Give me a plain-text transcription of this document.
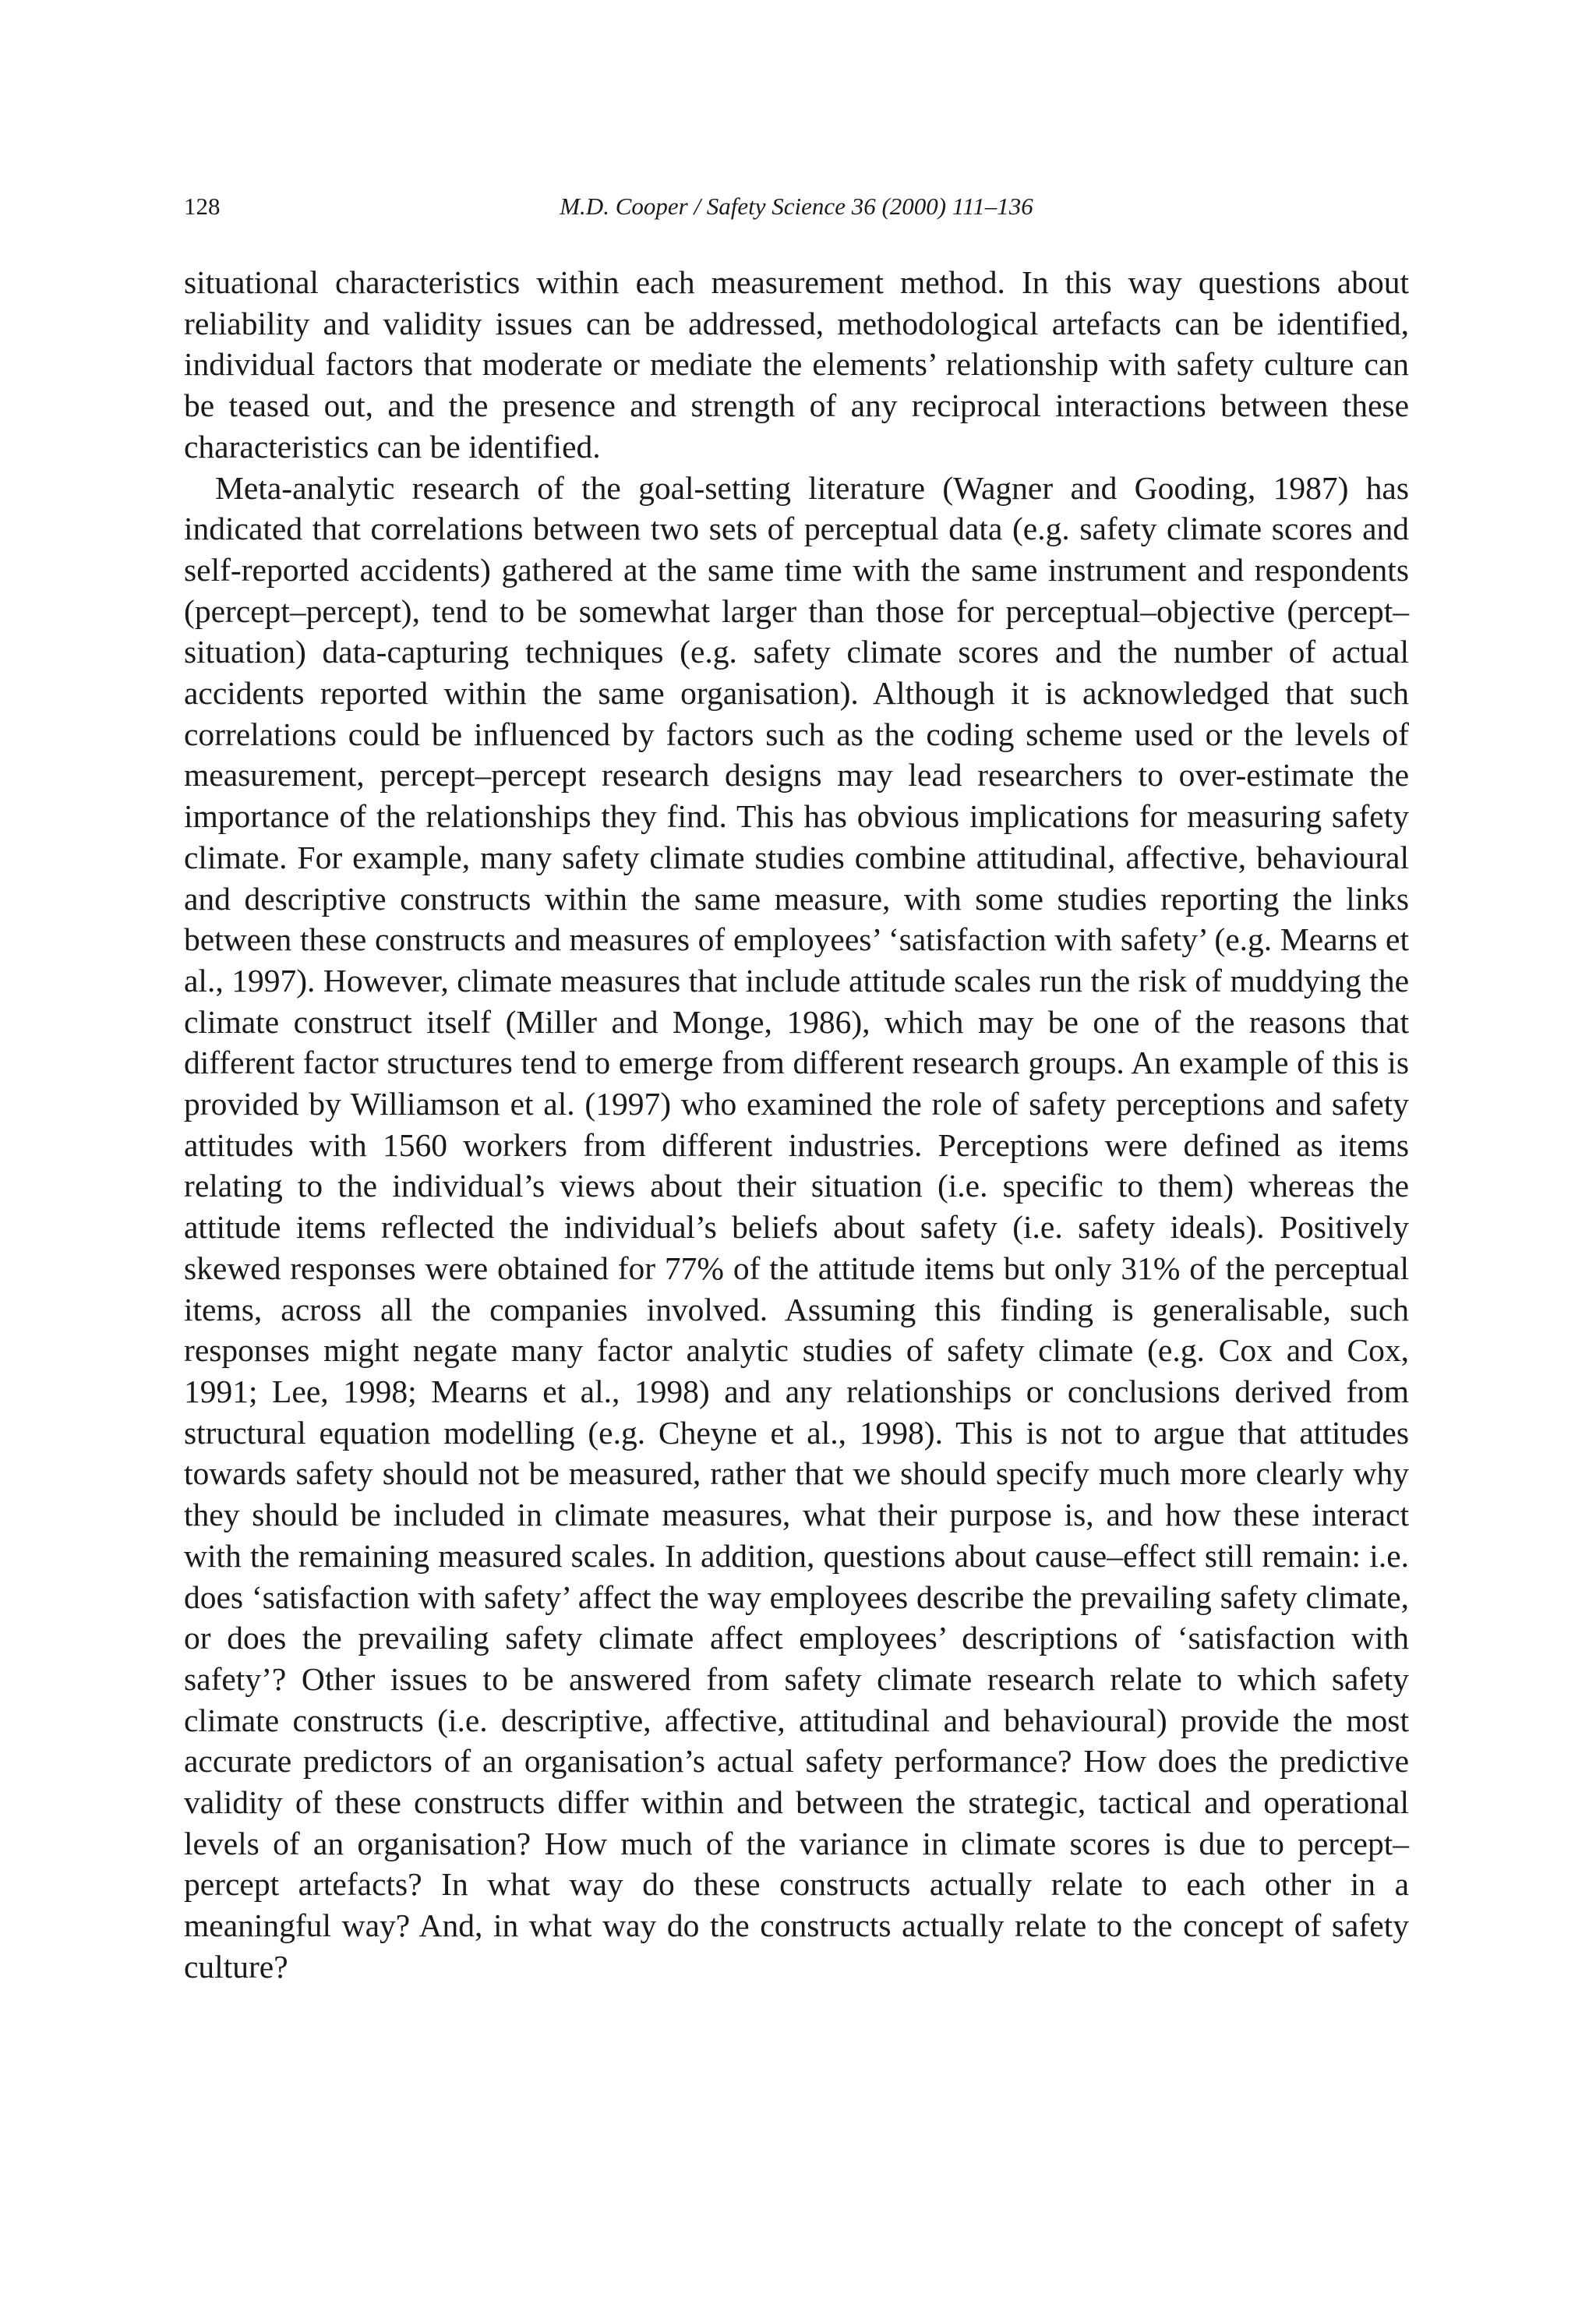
128	M.D. Cooper / Safety Science 36 (2000) 111–136

situational characteristics within each measurement method. In this way questions about reliability and validity issues can be addressed, methodological artefacts can be identified, individual factors that moderate or mediate the elements’ relationship with safety culture can be teased out, and the presence and strength of any reciprocal interactions between these characteristics can be identified.

Meta-analytic research of the goal-setting literature (Wagner and Gooding, 1987) has indicated that correlations between two sets of perceptual data (e.g. safety climate scores and self-reported accidents) gathered at the same time with the same instrument and respondents (percept–percept), tend to be somewhat larger than those for perceptual–objective (percept–situation) data-capturing techniques (e.g. safety climate scores and the number of actual accidents reported within the same organisation). Although it is acknowledged that such correlations could be influenced by factors such as the coding scheme used or the levels of measurement, percept–percept research designs may lead researchers to over-estimate the importance of the relationships they find. This has obvious implications for measuring safety climate. For example, many safety climate studies combine attitudinal, affective, behavioural and descriptive constructs within the same measure, with some studies reporting the links between these constructs and measures of employees’ ‘satisfaction with safety’ (e.g. Mearns et al., 1997). However, climate measures that include attitude scales run the risk of muddying the climate construct itself (Miller and Monge, 1986), which may be one of the reasons that different factor structures tend to emerge from different research groups. An example of this is provided by Williamson et al. (1997) who examined the role of safety perceptions and safety attitudes with 1560 workers from different industries. Perceptions were defined as items relating to the individual’s views about their situation (i.e. specific to them) whereas the attitude items reflected the individual’s beliefs about safety (i.e. safety ideals). Positively skewed responses were obtained for 77% of the attitude items but only 31% of the perceptual items, across all the companies involved. Assuming this finding is generalisable, such responses might negate many factor analytic studies of safety climate (e.g. Cox and Cox, 1991; Lee, 1998; Mearns et al., 1998) and any relationships or conclusions derived from structural equation modelling (e.g. Cheyne et al., 1998). This is not to argue that attitudes towards safety should not be measured, rather that we should specify much more clearly why they should be included in climate measures, what their purpose is, and how these interact with the remaining measured scales. In addition, questions about cause–effect still remain: i.e. does ‘satisfaction with safety’ affect the way employees describe the prevailing safety climate, or does the prevailing safety climate affect employees’ descriptions of ‘satisfaction with safety’? Other issues to be answered from safety climate research relate to which safety climate constructs (i.e. descriptive, affective, attitudinal and behavioural) provide the most accurate predictors of an organisation’s actual safety performance? How does the predictive validity of these constructs differ within and between the strategic, tactical and operational levels of an organisation? How much of the variance in climate scores is due to percept–percept artefacts? In what way do these constructs actually relate to each other in a meaningful way? And, in what way do the constructs actually relate to the concept of safety culture?
